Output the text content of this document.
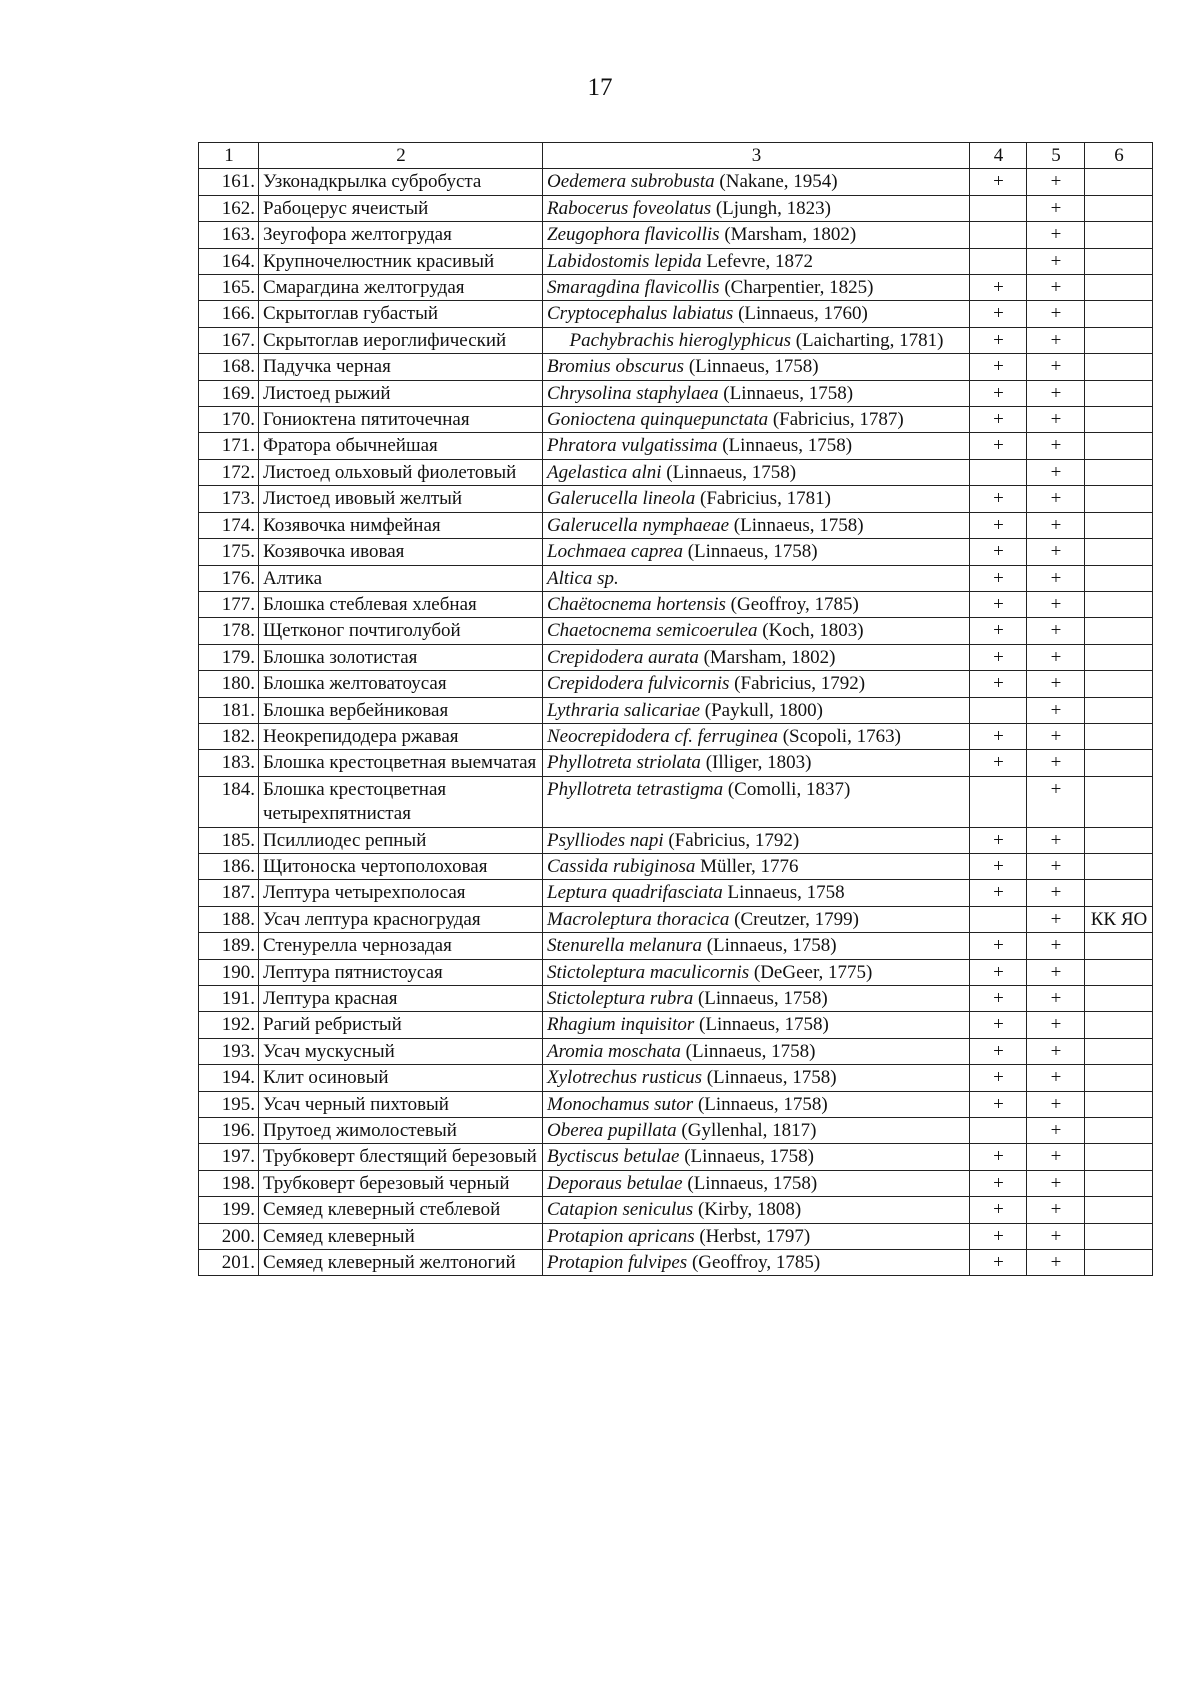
17
1	2	3	4	5	6
161.	Узконадкрылка субробуста	Oedemera subrobusta (Nakane, 1954)	+	+	
162.	Рабоцерус ячеистый	Rabocerus foveolatus (Ljungh, 1823)		+	
163.	Зеугофора желтогрудая	Zeugophora flavicollis (Marsham, 1802)		+	
164.	Крупночелюстник красивый	Labidostomis lepida Lefevre, 1872		+	
165.	Смарагдина желтогрудая	Smaragdina flavicollis (Charpentier, 1825)	+	+	
166.	Скрытоглав губастый	Cryptocephalus labiatus (Linnaeus, 1760)	+	+	
167.	Скрытоглав иероглифический	Pachybrachis hieroglyphicus (Laicharting, 1781)	+	+	
168.	Падучка черная	Bromius obscurus (Linnaeus, 1758)	+	+	
169.	Листоед рыжий	Chrysolina staphylaea (Linnaeus, 1758)	+	+	
170.	Гониоктена пятиточечная	Gonioctena quinquepunctata (Fabricius, 1787)	+	+	
171.	Фратора обычнейшая	Phratora vulgatissima (Linnaeus, 1758)	+	+	
172.	Листоед ольховый фиолетовый	Agelastica alni (Linnaeus, 1758)		+	
173.	Листоед ивовый желтый	Galerucella lineola (Fabricius, 1781)	+	+	
174.	Козявочка нимфейная	Galerucella nymphaeae (Linnaeus, 1758)	+	+	
175.	Козявочка ивовая	Lochmaea caprea (Linnaeus, 1758)	+	+	
176.	Алтика	Altica sp.	+	+	
177.	Блошка стеблевая хлебная	Chaëtocnema hortensis (Geoffroy, 1785)	+	+	
178.	Щетконог почтиголубой	Chaetocnema semicoerulea (Koch, 1803)	+	+	
179.	Блошка золотистая	Crepidodera aurata (Marsham, 1802)	+	+	
180.	Блошка желтоватоусая	Crepidodera fulvicornis (Fabricius, 1792)	+	+	
181.	Блошка вербейниковая	Lythraria salicariae (Paykull, 1800)		+	
182.	Неокрепидодера ржавая	Neocrepidodera cf. ferruginea (Scopoli, 1763)	+	+	
183.	Блошка крестоцветная выемчатая	Phyllotreta striolata (Illiger, 1803)	+	+	
184.	Блошка крестоцветная четырехпятнистая	Phyllotreta tetrastigma (Comolli, 1837)		+	
185.	Псиллиодес репный	Psylliodes napi (Fabricius, 1792)	+	+	
186.	Щитоноска чертополоховая	Cassida rubiginosa Müller, 1776	+	+	
187.	Лептура четырехполосая	Leptura quadrifasciata Linnaeus, 1758	+	+	
188.	Усач лептура красногрудая	Macroleptura thoracica (Creutzer, 1799)		+	КК ЯО
189.	Стенурелла чернозадая	Stenurella melanura (Linnaeus, 1758)	+	+	
190.	Лептура пятнистоусая	Stictoleptura maculicornis (DeGeer, 1775)	+	+	
191.	Лептура красная	Stictoleptura rubra (Linnaeus, 1758)	+	+	
192.	Рагий ребристый	Rhagium inquisitor (Linnaeus, 1758)	+	+	
193.	Усач мускусный	Aromia moschata (Linnaeus, 1758)	+	+	
194.	Клит осиновый	Xylotrechus rusticus (Linnaeus, 1758)	+	+	
195.	Усач черный пихтовый	Monochamus sutor (Linnaeus, 1758)	+	+	
196.	Прутоед жимолостевый	Oberea pupillata (Gyllenhal, 1817)		+	
197.	Трубковерт блестящий березовый	Byctiscus betulae (Linnaeus, 1758)	+	+	
198.	Трубковерт березовый черный	Deporaus betulae (Linnaeus, 1758)	+	+	
199.	Семяед клеверный стеблевой	Catapion seniculus (Kirby, 1808)	+	+	
200.	Семяед клеверный	Protapion apricans (Herbst, 1797)	+	+	
201.	Семяед клеверный желтоногий	Protapion fulvipes (Geoffroy, 1785)	+	+	
